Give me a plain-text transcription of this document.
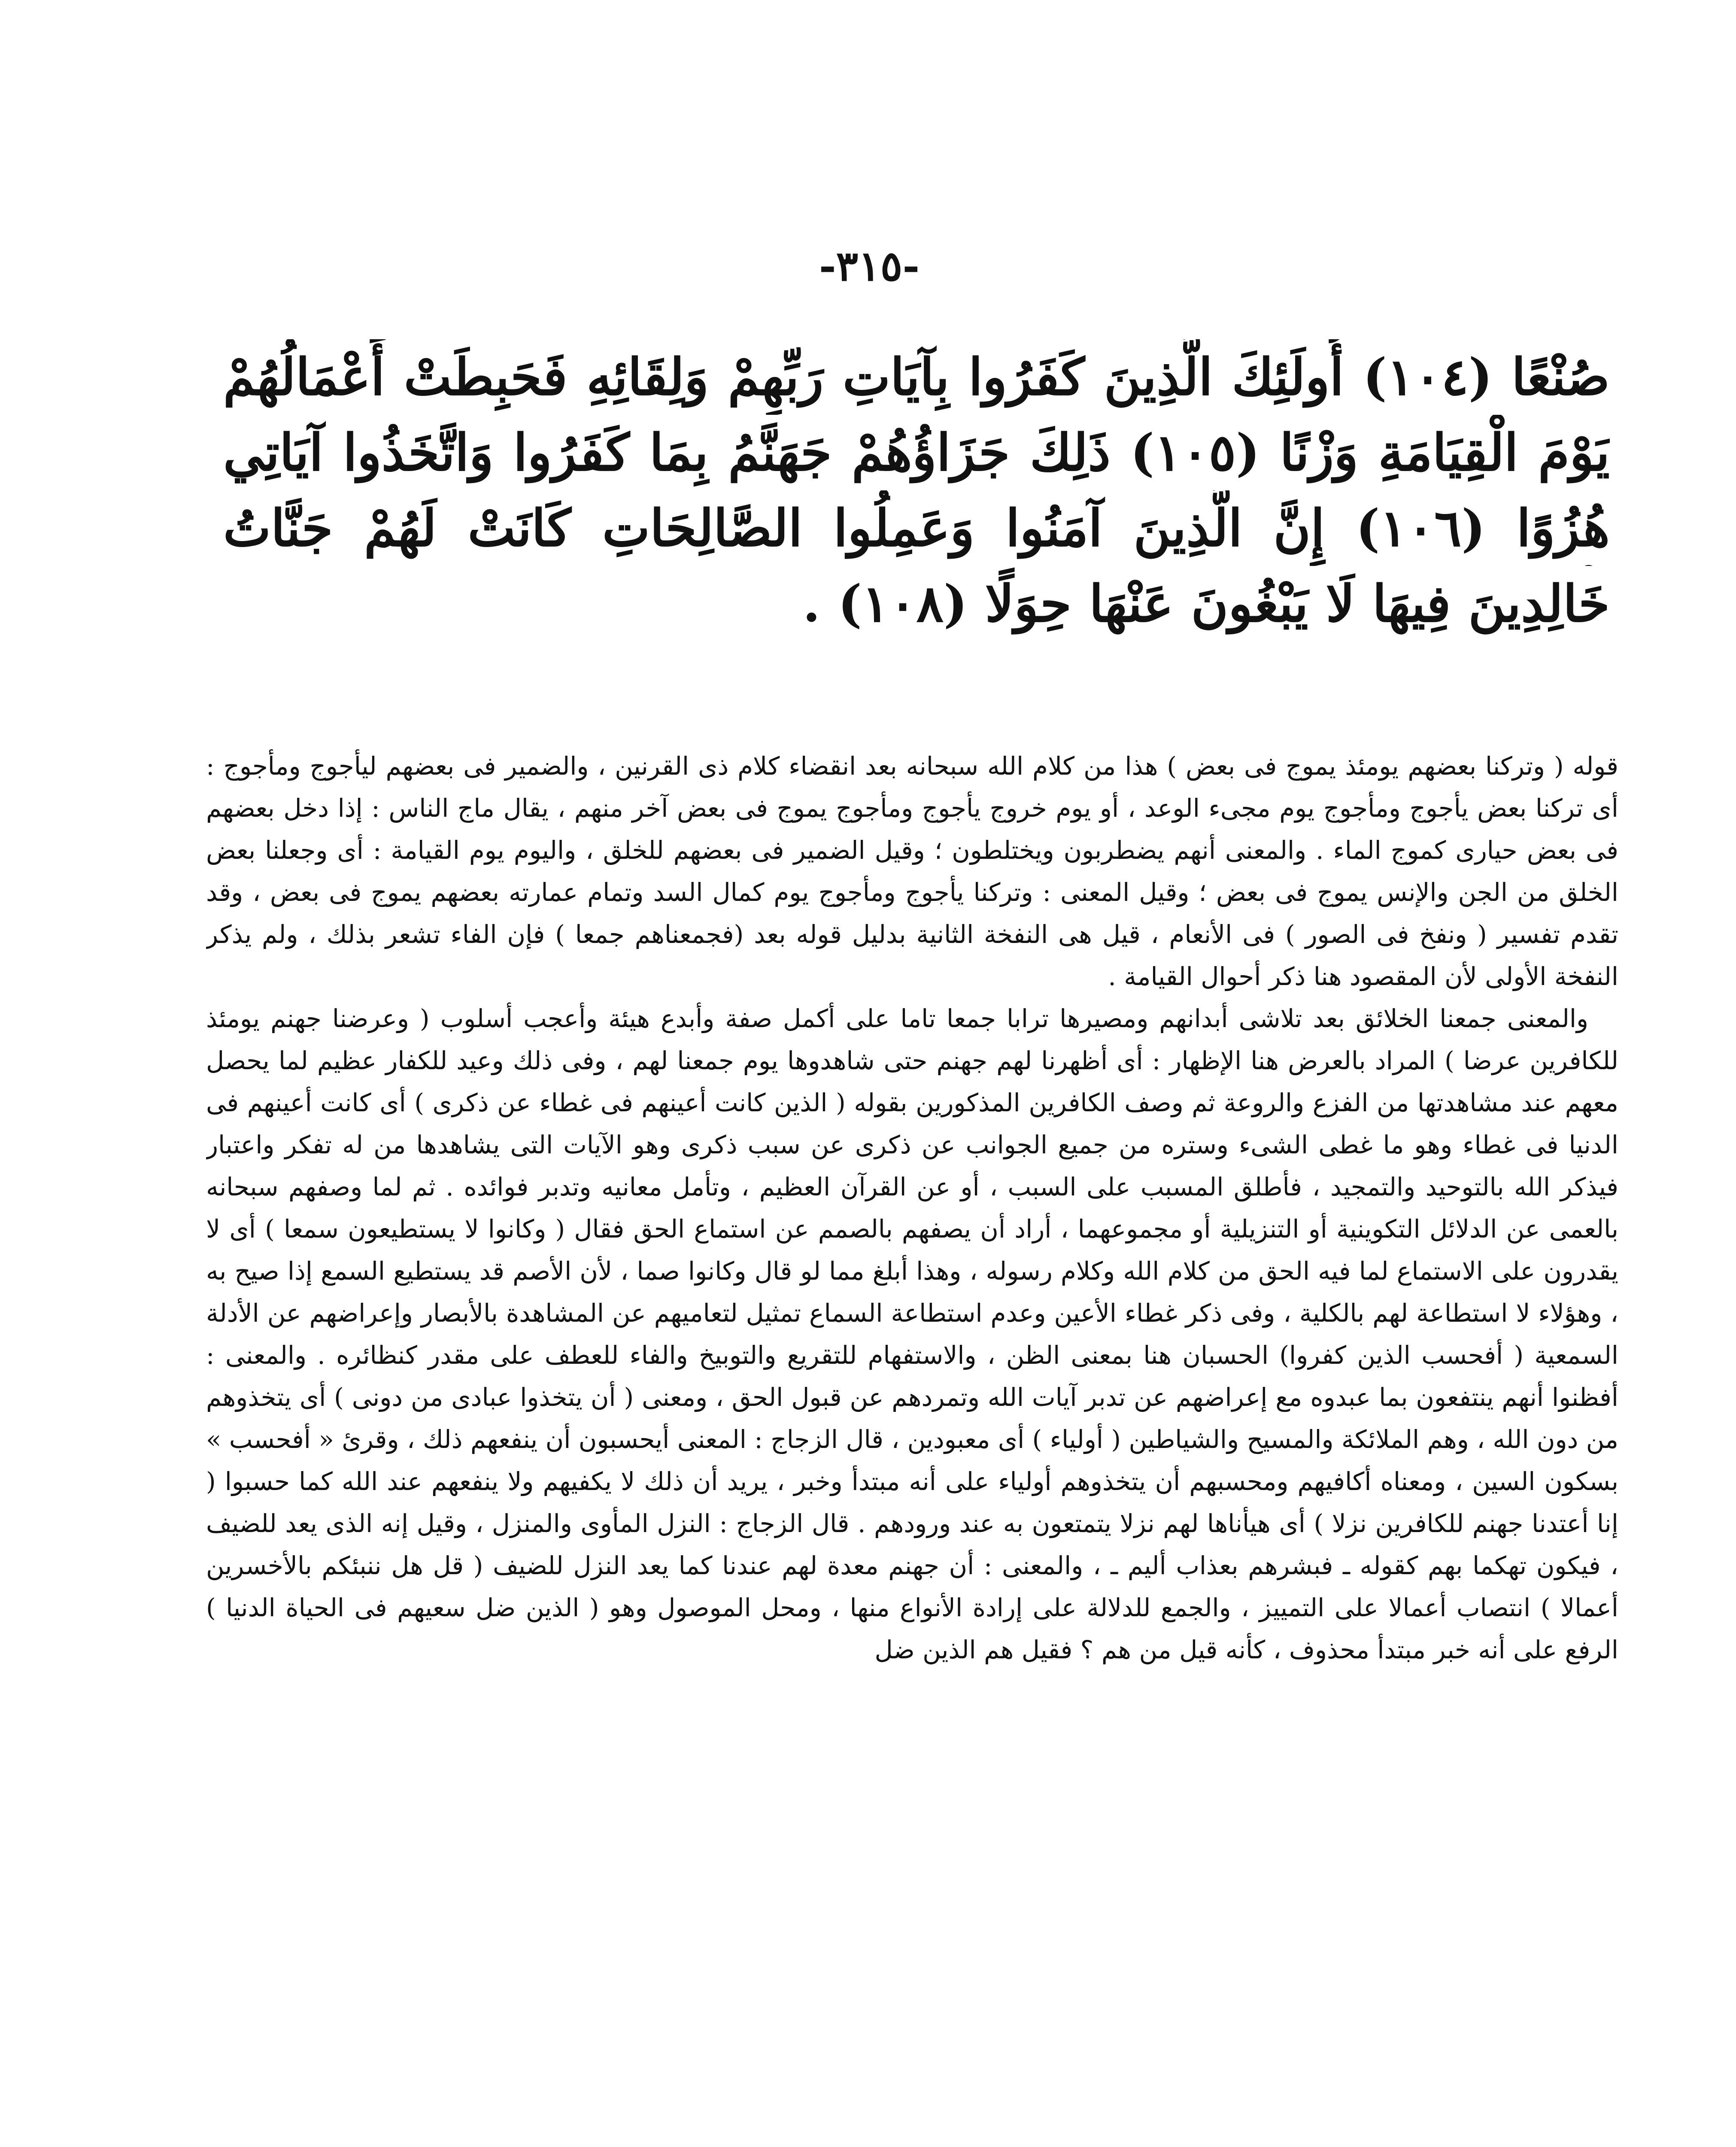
-٣١٥-
صُنْعًا (١٠٤) أُولَئِكَ الَّذِينَ كَفَرُوا بِآيَاتِ رَبِّهِمْ وَلِقَائِهِ فَحَبِطَتْ أَعْمَالُهُمْ
يَوْمَ الْقِيَامَةِ وَزْنًا (١٠٥) ذَلِكَ جَزَاؤُهُمْ جَهَنَّمُ بِمَا كَفَرُوا وَاتَّخَذُوا آيَاتِي
هُزُوًا (١٠٦) إِنَّ الَّذِينَ آمَنُوا وَعَمِلُوا الصَّالِحَاتِ كَانَتْ لَهُمْ جَنَّاتُ
خَالِدِينَ فِيهَا لَا يَبْغُونَ عَنْهَا حِوَلًا (١٠٨) .

قوله ( وتركنا بعضهم يومئذ يموج فى بعض ) هذا من كلام الله سبحانه بعد انقضاء كلام ذى القرنين ، والضمير فى بعضهم ليأجوج ومأجوج : أى تركنا بعض يأجوج ومأجوج يوم مجىء الوعد ، أو يوم خروج يأجوج ومأجوج يموج فى بعض آخر منهم ، يقال ماج الناس : إذا دخل بعضهم فى بعض حيارى كموج الماء . والمعنى أنهم يضطربون ويختلطون ؛ وقيل الضمير فى بعضهم للخلق ، واليوم يوم القيامة : أى وجعلنا بعض الخلق من الجن والإنس يموج فى بعض ؛ وقيل المعنى : وتركنا يأجوج ومأجوج يوم كمال السد وتمام عمارته بعضهم يموج فى بعض ، وقد تقدم تفسير ( ونفخ فى الصور ) فى الأنعام ، قيل هى النفخة الثانية بدليل قوله بعد (فجمعناهم جمعا ) فإن الفاء تشعر بذلك ، ولم يذكر النفخة الأولى لأن المقصود هنا ذكر أحوال القيامة .

والمعنى جمعنا الخلائق بعد تلاشى أبدانهم ومصيرها ترابا جمعا تاما على أكمل صفة وأبدع هيئة وأعجب أسلوب ( وعرضنا جهنم يومئذ للكافرين عرضا ) المراد بالعرض هنا الإظهار : أى أظهرنا لهم جهنم حتى شاهدوها يوم جمعنا لهم ، وفى ذلك وعيد للكفار عظيم لما يحصل معهم عند مشاهدتها من الفزع والروعة ثم وصف الكافرين المذكورين بقوله ( الذين كانت أعينهم فى غطاء عن ذكرى ) أى كانت أعينهم فى الدنيا فى غطاء وهو ما غطى الشىء وستره من جميع الجوانب عن ذكرى عن سبب ذكرى وهو الآيات التى يشاهدها من له تفكر واعتبار فيذكر الله بالتوحيد والتمجيد ، فأطلق المسبب على السبب ، أو عن القرآن العظيم ، وتأمل معانيه وتدبر فوائده . ثم لما وصفهم سبحانه بالعمى عن الدلائل التكوينية أو التنزيلية أو مجموعهما ، أراد أن يصفهم بالصمم عن استماع الحق فقال ( وكانوا لا يستطيعون سمعا ) أى لا يقدرون على الاستماع لما فيه الحق من كلام الله وكلام رسوله ، وهذا أبلغ مما لو قال وكانوا صما ، لأن الأصم قد يستطيع السمع إذا صيح به ، وهؤلاء لا استطاعة لهم بالكلية ، وفى ذكر غطاء الأعين وعدم استطاعة السماع تمثيل لتعاميهم عن المشاهدة بالأبصار وإعراضهم عن الأدلة السمعية ( أفحسب الذين كفروا) الحسبان هنا بمعنى الظن ، والاستفهام للتقريع والتوبيخ والفاء للعطف على مقدر كنظائره . والمعنى : أفظنوا أنهم ينتفعون بما عبدوه مع إعراضهم عن تدبر آيات الله وتمردهم عن قبول الحق ، ومعنى ( أن يتخذوا عبادى من دونى ) أى يتخذوهم من دون الله ، وهم الملائكة والمسيح والشياطين ( أولياء ) أى معبودين ، قال الزجاج : المعنى أيحسبون أن ينفعهم ذلك ، وقرئ « أفحسب » بسكون السين ، ومعناه أكافيهم ومحسبهم أن يتخذوهم أولياء على أنه مبتدأ وخبر ، يريد أن ذلك لا يكفيهم ولا ينفعهم عند الله كما حسبوا ( إنا أعتدنا جهنم للكافرين نزلا ) أى هيأناها لهم نزلا يتمتعون به عند ورودهم . قال الزجاج : النزل المأوى والمنزل ، وقيل إنه الذى يعد للضيف ، فيكون تهكما بهم كقوله ـ فبشرهم بعذاب أليم ـ ، والمعنى : أن جهنم معدة لهم عندنا كما يعد النزل للضيف ( قل هل ننبئكم بالأخسرين أعمالا ) انتصاب أعمالا على التمييز ، والجمع للدلالة على إرادة الأنواع منها ، ومحل الموصول وهو ( الذين ضل سعيهم فى الحياة الدنيا ) الرفع على أنه خبر مبتدأ محذوف ، كأنه قيل من هم ؟ فقيل هم الذين ضل
